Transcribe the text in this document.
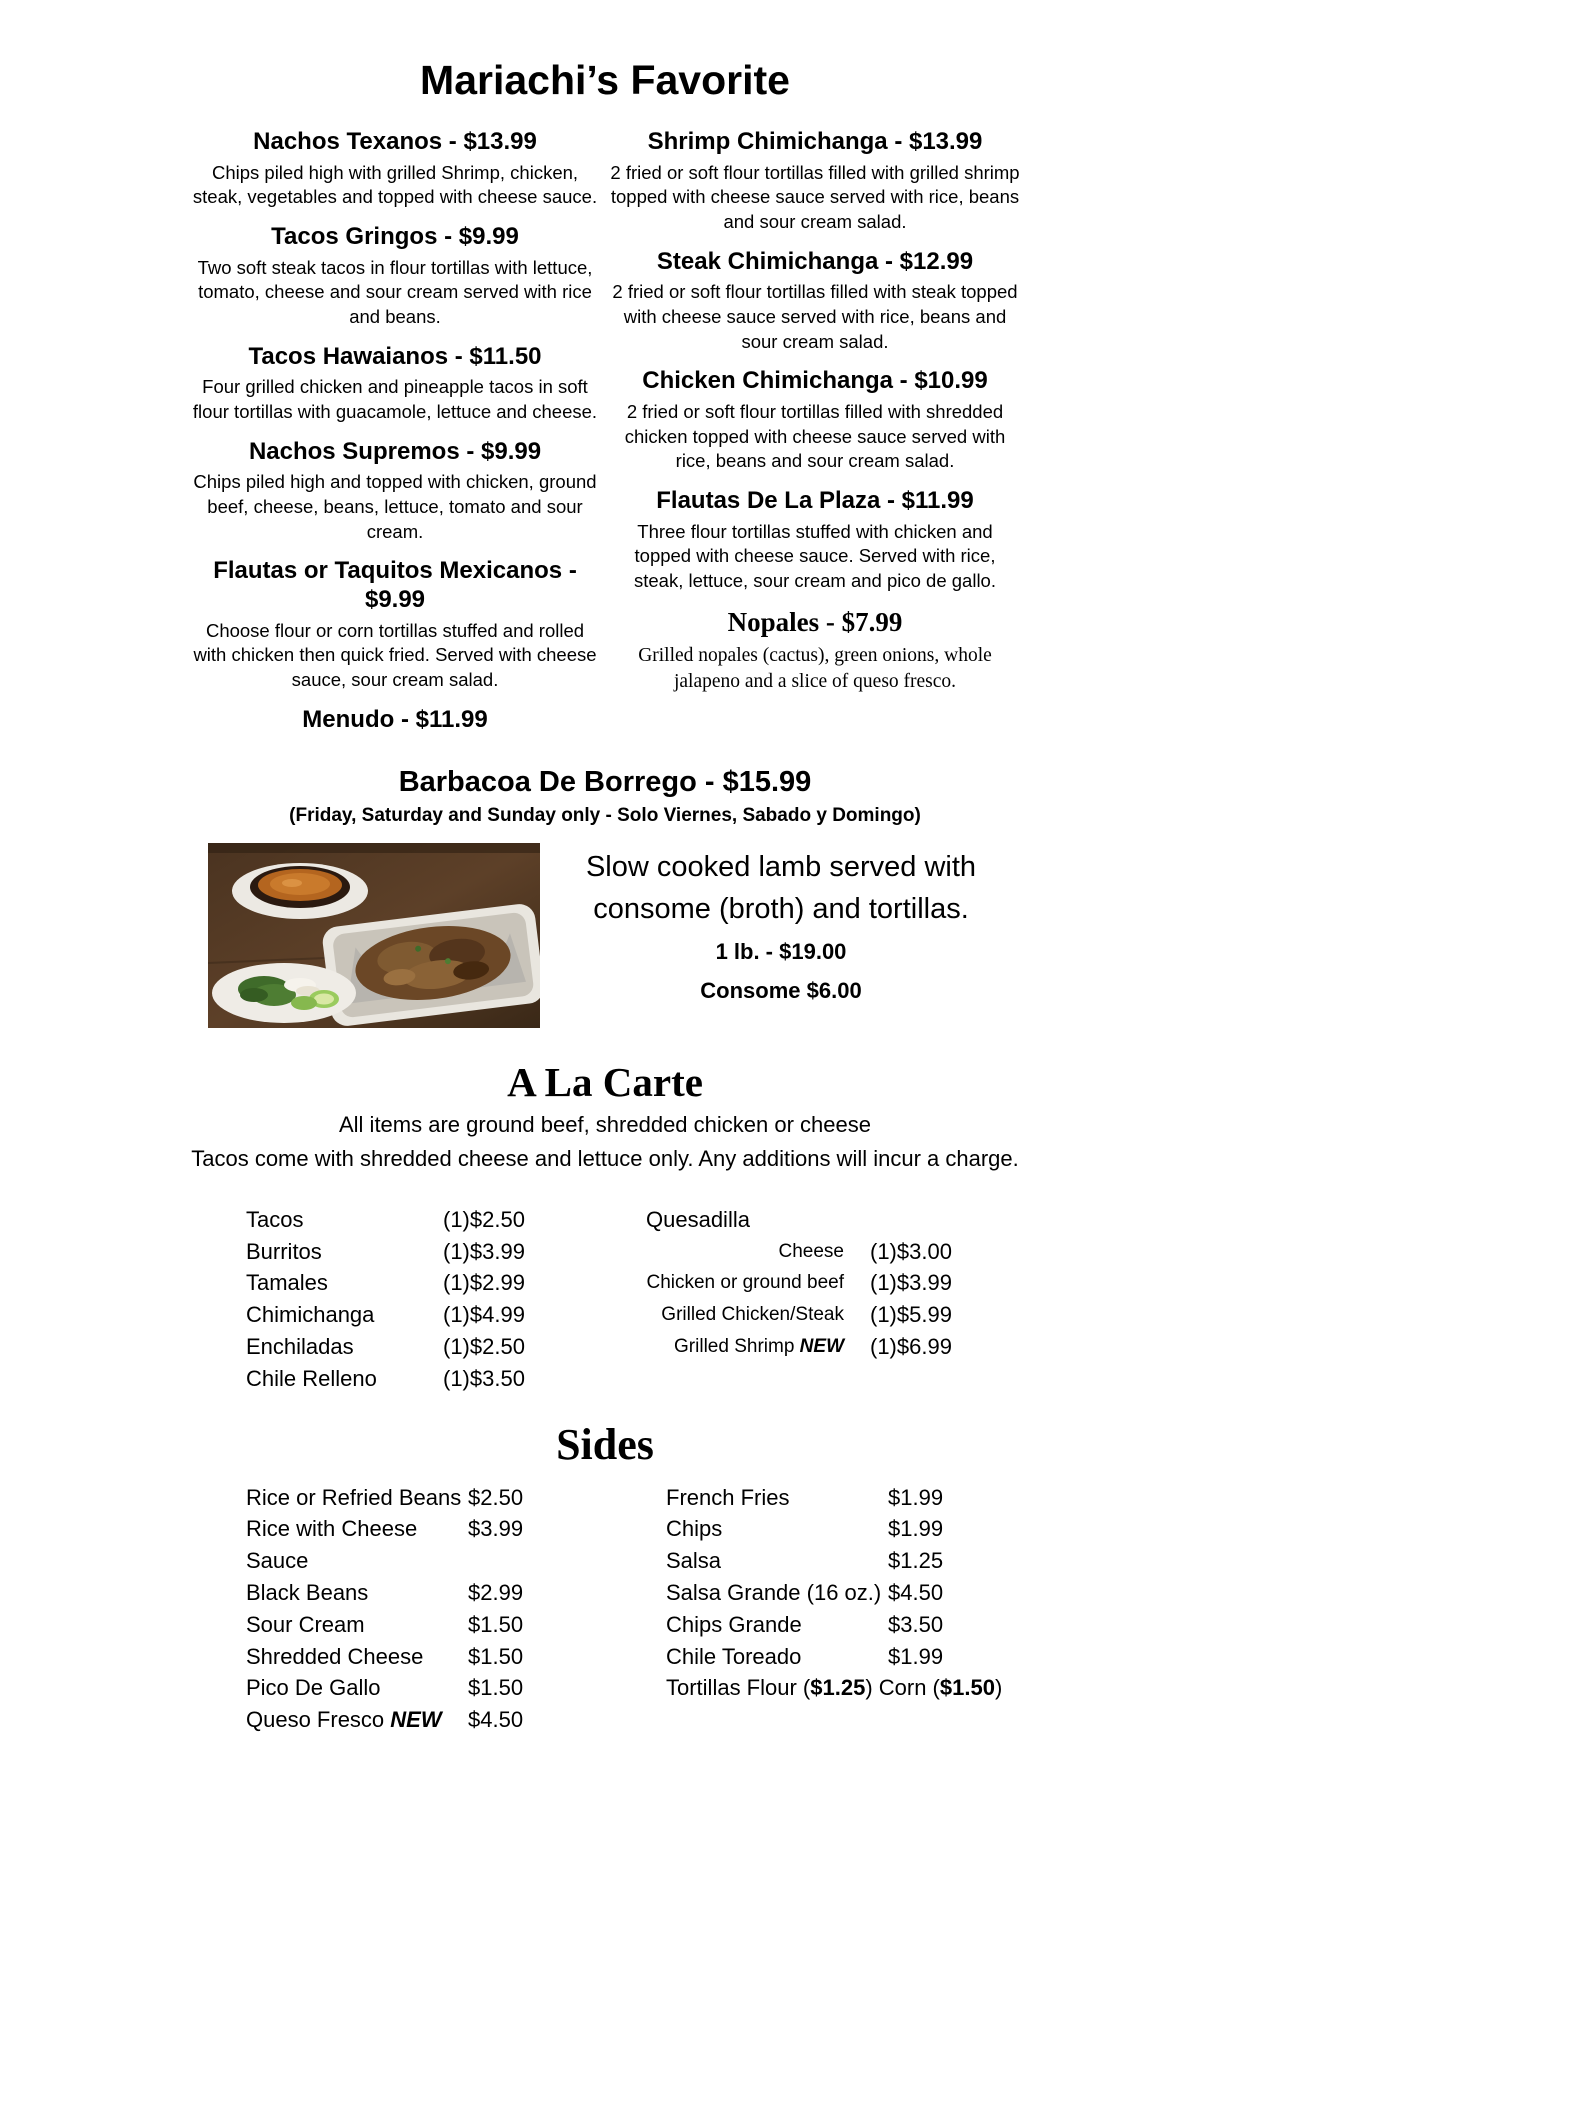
Mariachi’s Favorite
Nachos Texanos - $13.99

Chips piled high with grilled Shrimp, chicken, steak, vegetables and topped with cheese sauce.

Tacos Gringos - $9.99

Two soft steak tacos in flour tortillas with lettuce, tomato, cheese and sour cream served with rice and beans.

Tacos Hawaianos - $11.50

Four grilled chicken and pineapple tacos in soft flour tortillas with guacamole, lettuce and cheese.

Nachos Supremos - $9.99

Chips piled high and topped with chicken, ground beef, cheese, beans, lettuce, tomato and sour cream.

Flautas or Taquitos Mexicanos - $9.99

Choose flour or corn tortillas stuffed and rolled with chicken then quick fried. Served with cheese sauce, sour cream salad.

Menudo - $11.99
Shrimp Chimichanga - $13.99

2 fried or soft flour tortillas filled with grilled shrimp topped with cheese sauce served with rice, beans and sour cream salad.

Steak Chimichanga - $12.99

2 fried or soft flour tortillas filled with steak topped with cheese sauce served with rice, beans and sour cream salad.

Chicken Chimichanga - $10.99

2 fried or soft flour tortillas filled with shredded chicken topped with cheese sauce served with rice, beans and sour cream salad.

Flautas De La Plaza - $11.99

Three flour tortillas stuffed with chicken and topped with cheese sauce. Served with rice, steak, lettuce, sour cream and pico de gallo.

Nopales - $7.99

Grilled nopales (cactus), green onions, whole jalapeno and a slice of queso fresco.

Barbacoa De Borrego - $15.99

(Friday, Saturday and Sunday only - Solo Viernes, Sabado y Domingo)

Slow cooked lamb served with consome (broth) and tortillas.

1 lb. - $19.00

Consome $6.00

A La Carte

All items are ground beef, shredded chicken or cheese

Tacos come with shredded cheese and lettuce only. Any additions will incur a charge.

Tacos	(1)$2.50
Burritos	(1)$3.99
Tamales	(1)$2.99
Chimichanga	(1)$4.99
Enchiladas	(1)$2.50
Chile Relleno	(1)$3.50
Quesadilla
Cheese	(1)$3.00
Chicken or ground beef	(1)$3.99
Grilled Chicken/Steak	(1)$5.99
Grilled Shrimp NEW	(1)$6.99
Sides
Rice or Refried Beans $2.50
Rice with Cheese Sauce
$3.99
Black Beans	$2.99
Sour Cream	$1.50
Shredded Cheese	$1.50
Pico De Gallo	$1.50
Queso Fresco NEW	$4.50
French Fries	$1.99
Chips	$1.99
Salsa	$1.25
Salsa Grande (16 oz.) $4.50
Chips Grande	$3.50
Chile Toreado	$1.99
Tortillas Flour ($1.25) Corn ($1.50)
